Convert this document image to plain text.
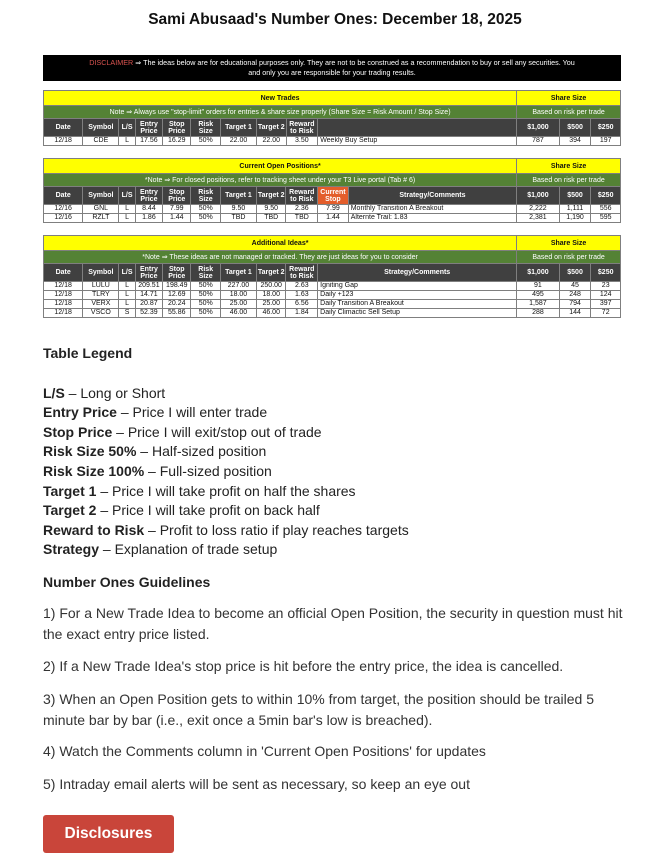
Sami Abusaad's Number Ones: December 18, 2025
DISCLAIMER ⇒ The ideas below are for educational purposes only. They are not to be construed as a recommendation to buy or sell any securities. You
and only you are responsible for your trading results.
New Trades										Share Size		
Note ⇒ Always use "stop-limit" orders for entries & share size properly (Share Size = Risk Amount / Stop Size)										Based on risk per trade		
Date	Symbol	L/S	Entry Price	Stop Price	Risk Size	Target 1	Target 2	Reward to Risk		$1,000	$500	$250
12/18	CDE	L	17.56	16.29	50%	22.00	22.00	3.50	Weekly Buy Setup	787	394	197
Current Open Positions*											Share Size		
*Note ⇒ For closed positions, refer to tracking sheet under your T3 Live portal (Tab # 6)											Based on risk per trade		
Date	Symbol	L/S	Entry Price	Stop Price	Risk Size	Target 1	Target 2	Reward to Risk	Current Stop	Strategy/Comments	$1,000	$500	$250
12/16	GNL	L	8.44	7.99	50%	9.50	9.50	2.36	7.99	Monthly Transition A Breakout	2,222	1,111	556
12/16	RZLT	L	1.86	1.44	50%	TBD	TBD	TBD	1.44	Alternte Trail: 1.83	2,381	1,190	595
Additional Ideas*										Share Size		
*Note ⇒ These ideas are not managed or tracked. They are just ideas for you to consider										Based on risk per trade		
Date	Symbol	L/S	Entry Price	Stop Price	Risk Size	Target 1	Target 2	Reward to Risk	Strategy/Comments	$1,000	$500	$250
12/18	LULU	L	209.51	198.49	50%	227.00	250.00	2.63	Igniting Gap	91	45	23
12/18	TLRY	L	14.71	12.69	50%	18.00	18.00	1.63	Daily +123	495	248	124
12/18	VERX	L	20.87	20.24	50%	25.00	25.00	6.56	Daily Transition A Breakout	1,587	794	397
12/18	VSCO	S	52.39	55.86	50%	46.00	46.00	1.84	Daily Climactic Sell Setup	288	144	72
Table Legend
L/S – Long or Short
Entry Price – Price I will enter trade
Stop Price – Price I will exit/stop out of trade
Risk Size 50% – Half-sized position
Risk Size 100% – Full-sized position
Target 1 – Price I will take profit on half the shares
Target 2 – Price I will take profit on back half
Reward to Risk – Profit to loss ratio if play reaches targets
Strategy – Explanation of trade setup
Number Ones Guidelines
1) For a New Trade Idea to become an official Open Position, the security in question must hit the exact entry price listed.
2) If a New Trade Idea's stop price is hit before the entry price, the idea is cancelled.
3) When an Open Position gets to within 10% from target, the position should be trailed 5 minute bar by bar (i.e., exit once a 5min bar's low is breached).
4) Watch the Comments column in 'Current Open Positions' for updates
5) Intraday email alerts will be sent as necessary, so keep an eye out
Disclosures
